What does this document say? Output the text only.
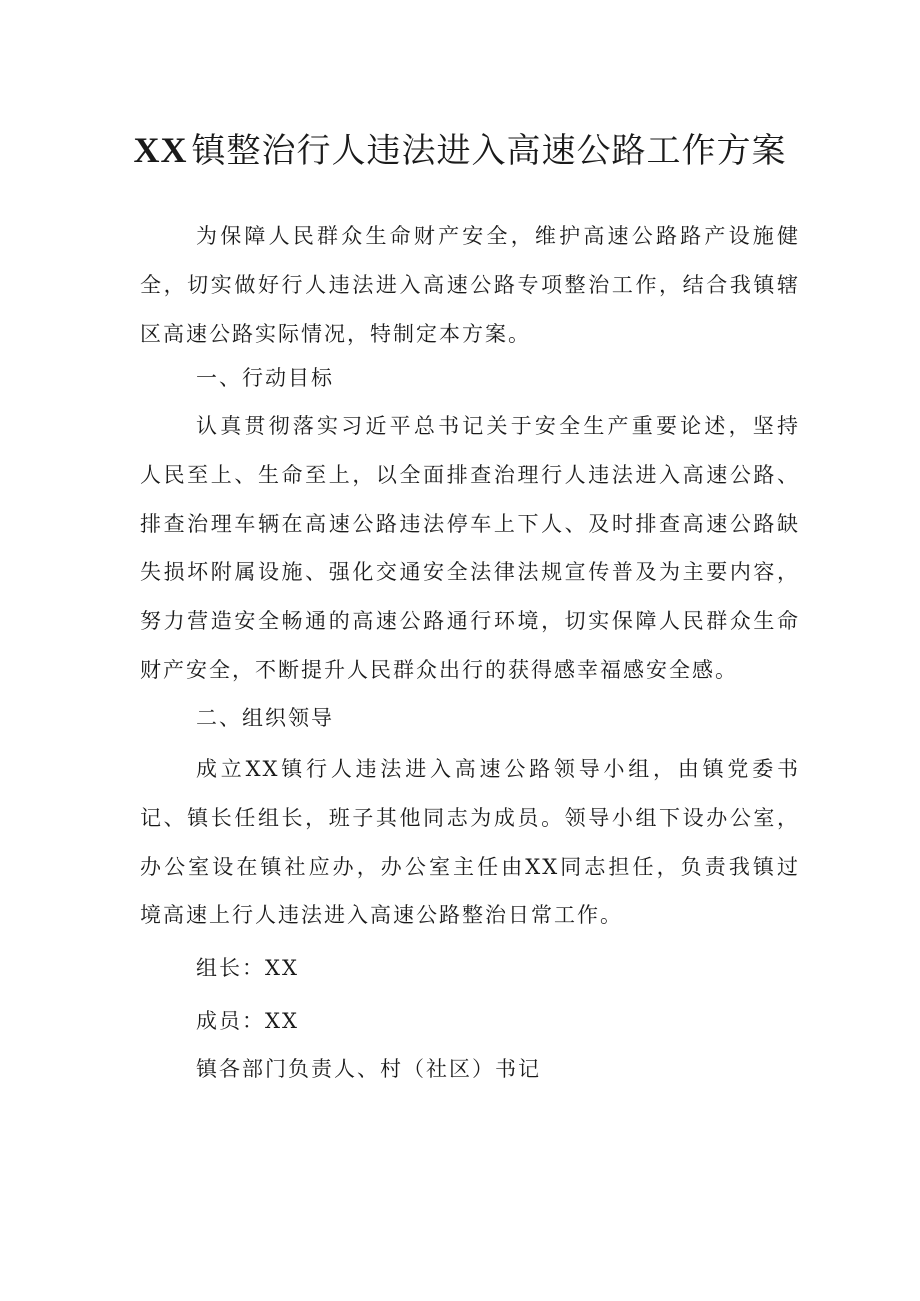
XX 镇整治行人违法进入高速公路工作方案
为保障人民群众生命财产安全，维护高速公路路产设施健
全，切实做好行人违法进入高速公路专项整治工作，结合我镇辖
区高速公路实际情况，特制定本方案。
一、行动目标
认真贯彻落实习近平总书记关于安全生产重要论述，坚持
人民至上、生命至上，以全面排查治理行人违法进入高速公路、
排查治理车辆在高速公路违法停车上下人、及时排查高速公路缺
失损坏附属设施、强化交通安全法律法规宣传普及为主要内容，
努力营造安全畅通的高速公路通行环境，切实保障人民群众生命
财产安全，不断提升人民群众出行的获得感幸福感安全感。
二、组织领导
成立XX镇行人违法进入高速公路领导小组，由镇党委书
记、镇长任组长，班子其他同志为成员。领导小组下设办公室，
办公室设在镇社应办，办公室主任由XX同志担任，负责我镇过
境高速上行人违法进入高速公路整治日常工作。
组长：XX
成员：XX
镇各部门负责人、村（社区）书记
